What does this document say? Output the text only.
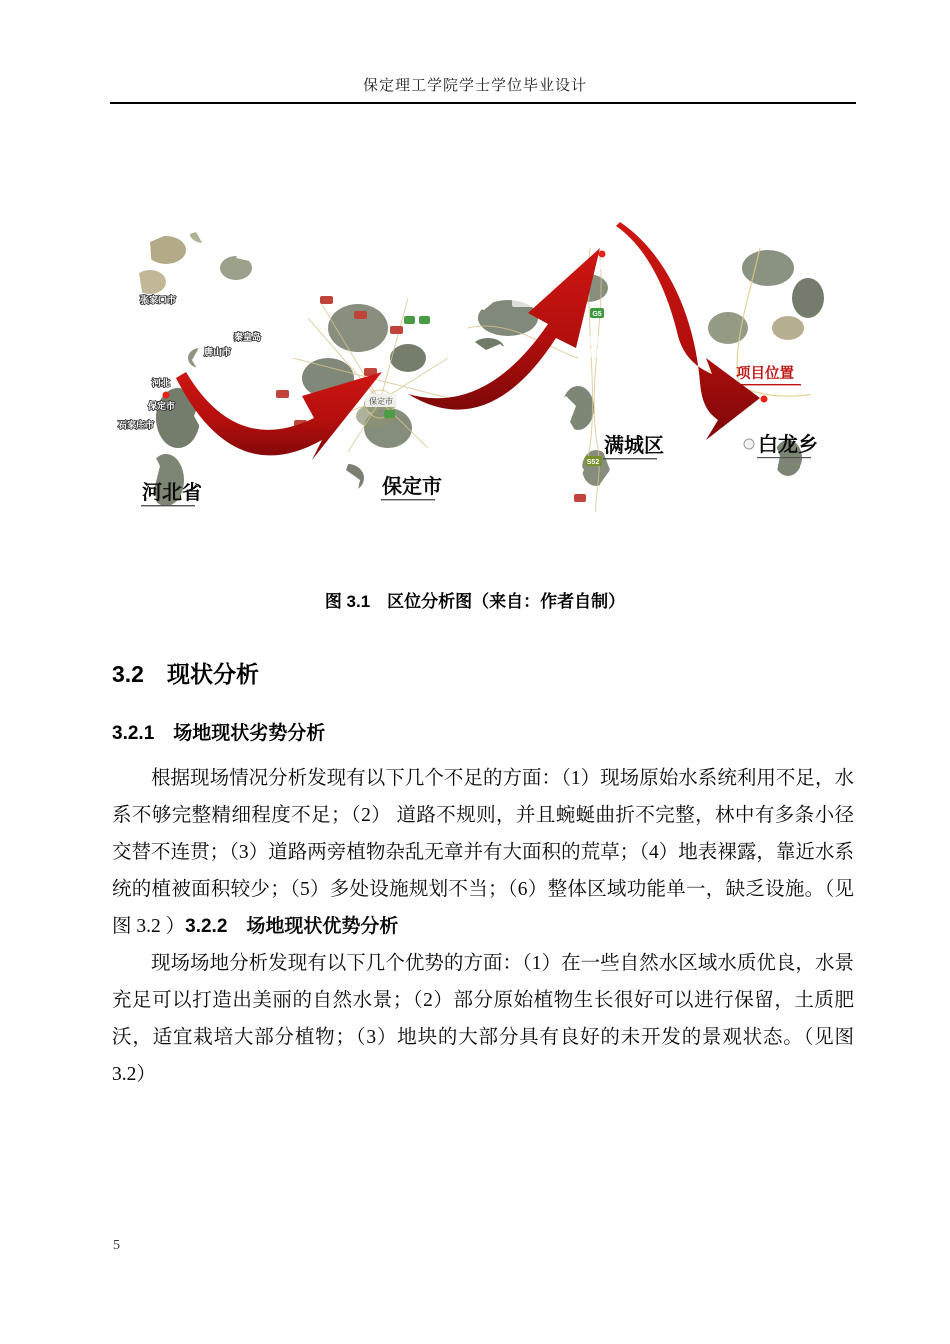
保定理工学院学士学位毕业设计
张家口市
秦皇岛
唐山市
河北
保定市
石家庄市
河北省
保定市
保定市
G5
S52
满城区
项目位置
白龙乡
图 3.1　区位分析图（来自：作者自制）
3.2　现状分析
3.2.1　场地现状劣势分析

根据现场情况分析发现有以下几个不足的方面：（1）现场原始水系统利用不足，水系不够完整精细程度不足；（2） 道路不规则，并且蜿蜒曲折不完整，林中有多条小径交替不连贯；（3）道路两旁植物杂乱无章并有大面积的荒草；（4）地表裸露，靠近水系统的植被面积较少；（5）多处设施规划不当；（6）整体区域功能单一，缺乏设施。（见图 3.2 ）3.2.2　场地现状优势分析

现场场地分析发现有以下几个优势的方面：（1）在一些自然水区域水质优良，水景充足可以打造出美丽的自然水景；（2）部分原始植物生长很好可以进行保留，土质肥沃，适宜栽培大部分植物；（3）地块的大部分具有良好的未开发的景观状态。（见图 3.2）

5
